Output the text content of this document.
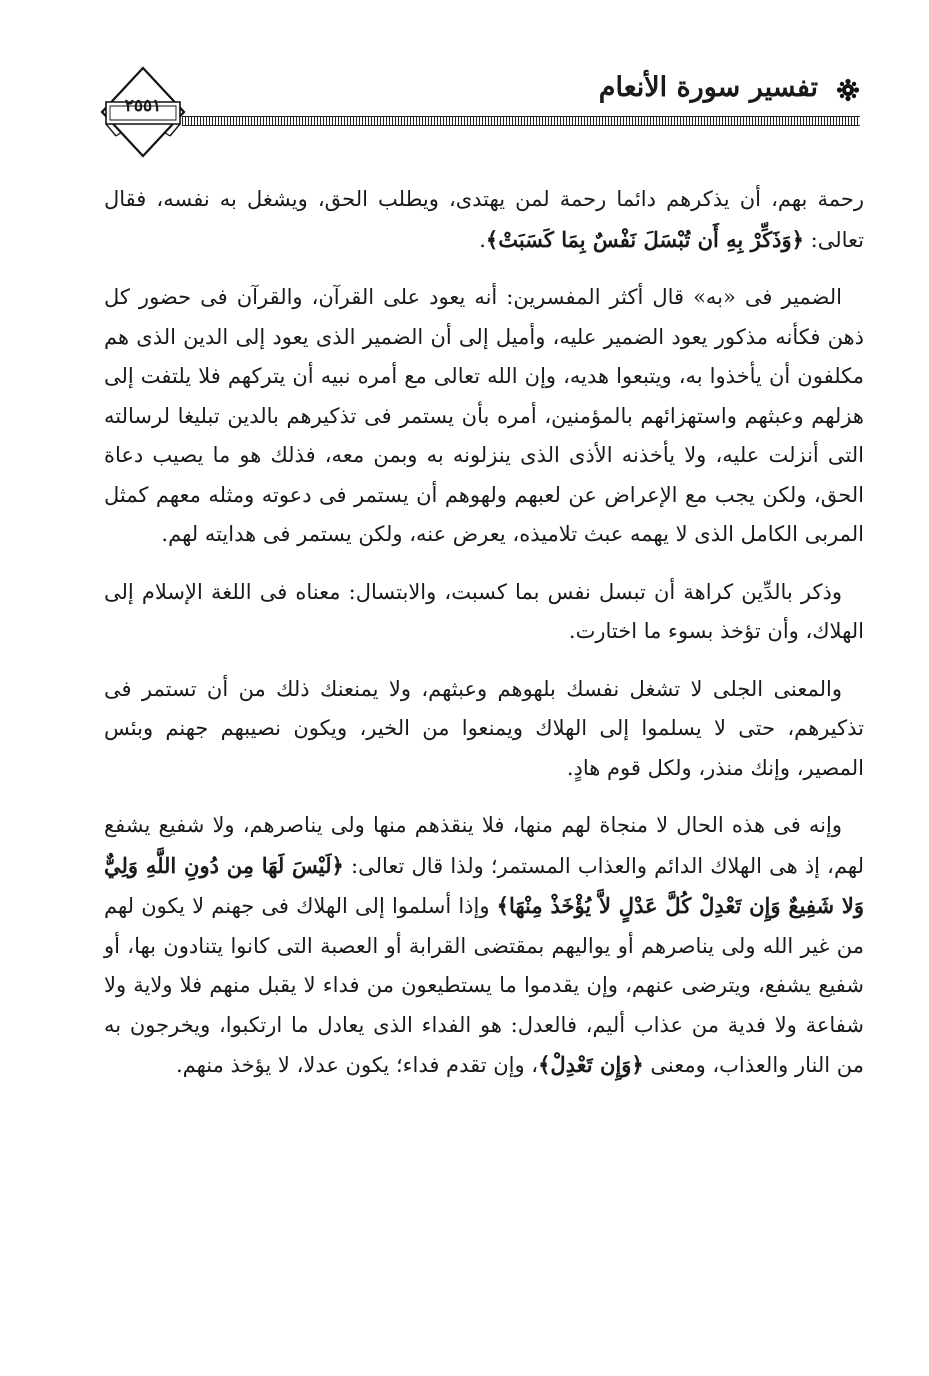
تفسير سورة الأنعام
٢٥٥١

رحمة بهم، أن يذكرهم دائما رحمة لمن يهتدى، ويطلب الحق، ويشغل به نفسه، فقال تعالى: ﴿وَذَكِّرْ بِهِ أَن تُبْسَلَ نَفْسٌ بِمَا كَسَبَتْ﴾.

الضمير فى «به» قال أكثر المفسرين: أنه يعود على القرآن، والقرآن فى حضور كل ذهن فكأنه مذكور يعود الضمير عليه، وأميل إلى أن الضمير الذى يعود إلى الدين الذى هم مكلفون أن يأخذوا به، ويتبعوا هديه، وإن الله تعالى مع أمره نبيه أن يتركهم فلا يلتفت إلى هزلهم وعبثهم واستهزائهم بالمؤمنين، أمره بأن يستمر فى تذكيرهم بالدين تبليغا لرسالته التى أنزلت عليه، ولا يأخذنه الأذى الذى ينزلونه به وبمن معه، فذلك هو ما يصيب دعاة الحق، ولكن يجب مع الإعراض عن لعبهم ولهوهم أن يستمر فى دعوته ومثله معهم كمثل المربى الكامل الذى لا يهمه عبث تلاميذه، يعرض عنه، ولكن يستمر فى هدايته لهم.

وذكر بالدِّين كراهة أن تبسل نفس بما كسبت، والابتسال: معناه فى اللغة الإسلام إلى الهلاك، وأن تؤخذ بسوء ما اختارت.

والمعنى الجلى لا تشغل نفسك بلهوهم وعبثهم، ولا يمنعنك ذلك من أن تستمر فى تذكيرهم، حتى لا يسلموا إلى الهلاك ويمنعوا من الخير، ويكون نصيبهم جهنم وبئس المصير، وإنك منذر، ولكل قوم هادٍ.

وإنه فى هذه الحال لا منجاة لهم منها، فلا ينقذهم منها ولى يناصرهم، ولا شفيع يشفع لهم، إذ هى الهلاك الدائم والعذاب المستمر؛ ولذا قال تعالى: ﴿لَيْسَ لَهَا مِن دُونِ اللَّهِ وَلِيٌّ وَلا شَفِيعٌ وَإِن تَعْدِلْ كُلَّ عَدْلٍ لاَّ يُؤْخَذْ مِنْهَا﴾ وإذا أسلموا إلى الهلاك فى جهنم لا يكون لهم من غير الله ولى يناصرهم أو يواليهم بمقتضى القرابة أو العصبة التى كانوا يتنادون بها، أو شفيع يشفع، ويترضى عنهم، وإن يقدموا ما يستطيعون من فداء لا يقبل منهم فلا ولاية ولا شفاعة ولا فدية من عذاب أليم، فالعدل: هو الفداء الذى يعادل ما ارتكبوا، ويخرجون به من النار والعذاب، ومعنى ﴿وَإِن تَعْدِلْ﴾، وإن تقدم فداء؛ يكون عدلا، لا يؤخذ منهم.
